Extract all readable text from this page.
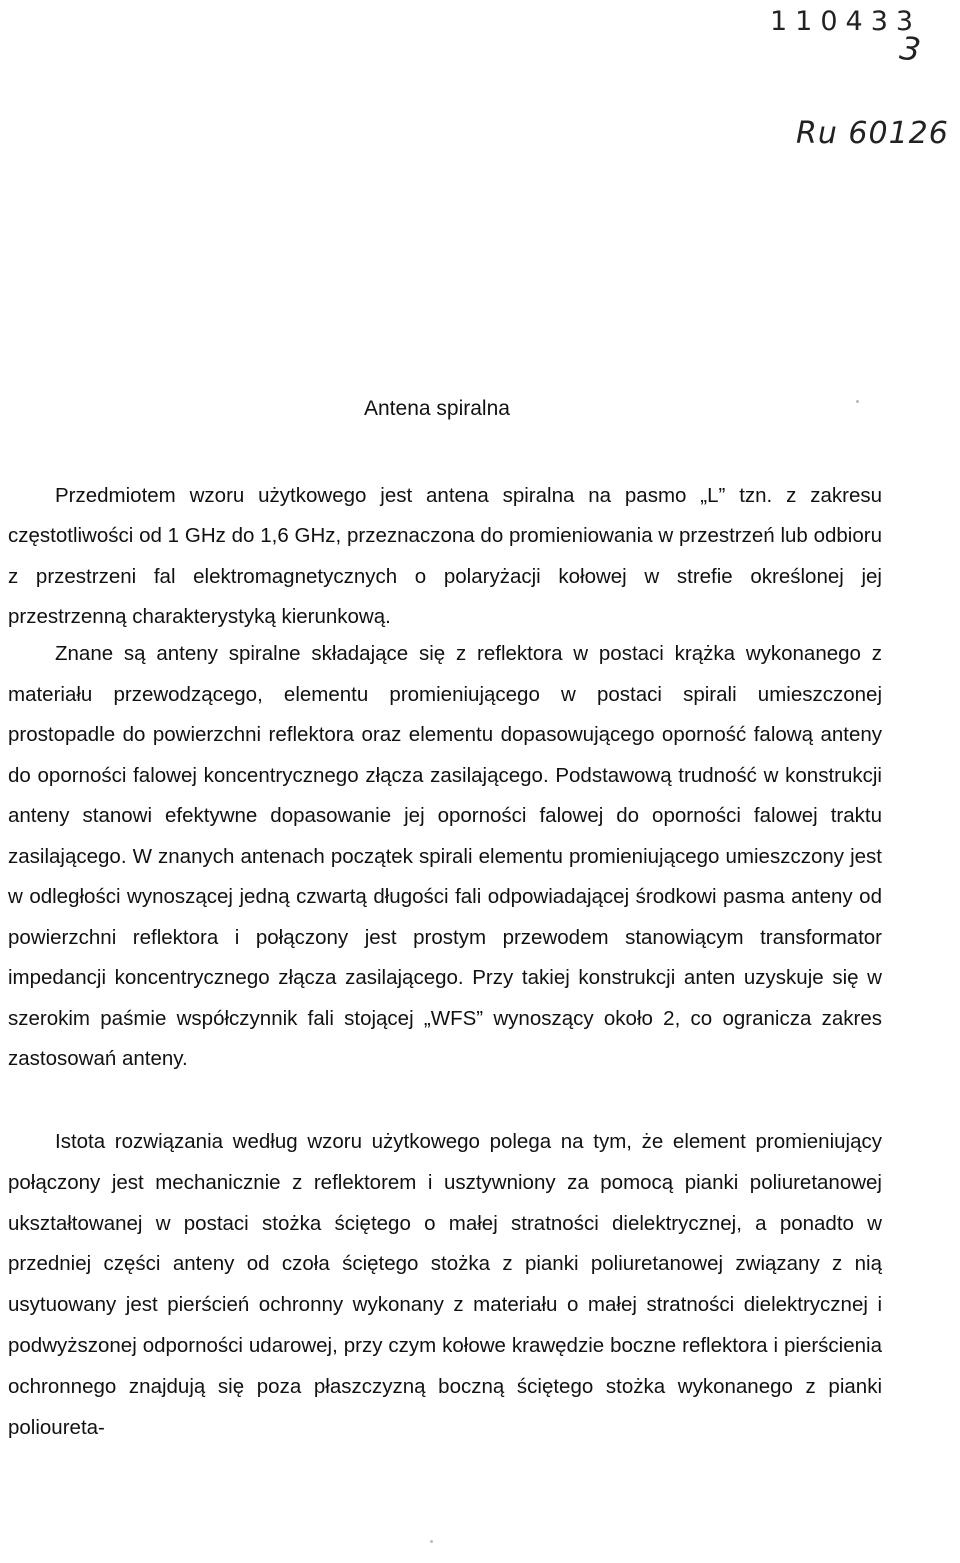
110433
3
Ru 60126
Antena spiralna

Przedmiotem wzoru użytkowego jest antena spiralna na pasmo „L” tzn. z zakresu częstotliwości od 1 GHz do 1,6 GHz, przeznaczona do promieniowania w przestrzeń lub odbioru z przestrzeni fal elektromagnetycznych o polaryżacji kołowej w strefie określonej jej przestrzenną charakterystyką kierunkową.

Znane są anteny spiralne składające się z reflektora w postaci krążka wykonanego z materiału przewodzącego, elementu promieniującego w postaci spirali umieszczonej prostopadle do powierzchni reflektora oraz elementu dopasowującego oporność falową anteny do oporności falowej koncentrycznego złącza zasilającego. Podstawową trudność w konstrukcji anteny stanowi efektywne dopasowanie jej oporności falowej do oporności falowej traktu zasilającego. W znanych antenach początek spirali elementu promieniującego umieszczony jest w odległości wynoszącej jedną czwartą długości fali odpowiadającej środkowi pasma anteny od powierzchni reflektora i połączony jest prostym przewodem stanowiącym transformator impedancji koncentrycznego złącza zasilającego. Przy takiej konstrukcji anten uzyskuje się w szerokim paśmie współczynnik fali stojącej „WFS” wynoszący około 2, co ogranicza zakres zastosowań anteny.

Istota rozwiązania według wzoru użytkowego polega na tym, że element promieniujący połączony jest mechanicznie z reflektorem i usztywniony za pomocą pianki poliuretanowej ukształtowanej w postaci stożka ściętego o małej stratności dielektrycznej, a ponadto w przedniej części anteny od czoła ściętego stożka z pianki poliuretanowej związany z nią usytuowany jest pierścień ochronny wykonany z materiału o małej stratności dielektrycznej i podwyższonej odporności udarowej, przy czym kołowe krawędzie boczne reflektora i pierścienia ochronnego znajdują się poza płaszczyzną boczną ściętego stożka wykonanego z pianki polioureta-
